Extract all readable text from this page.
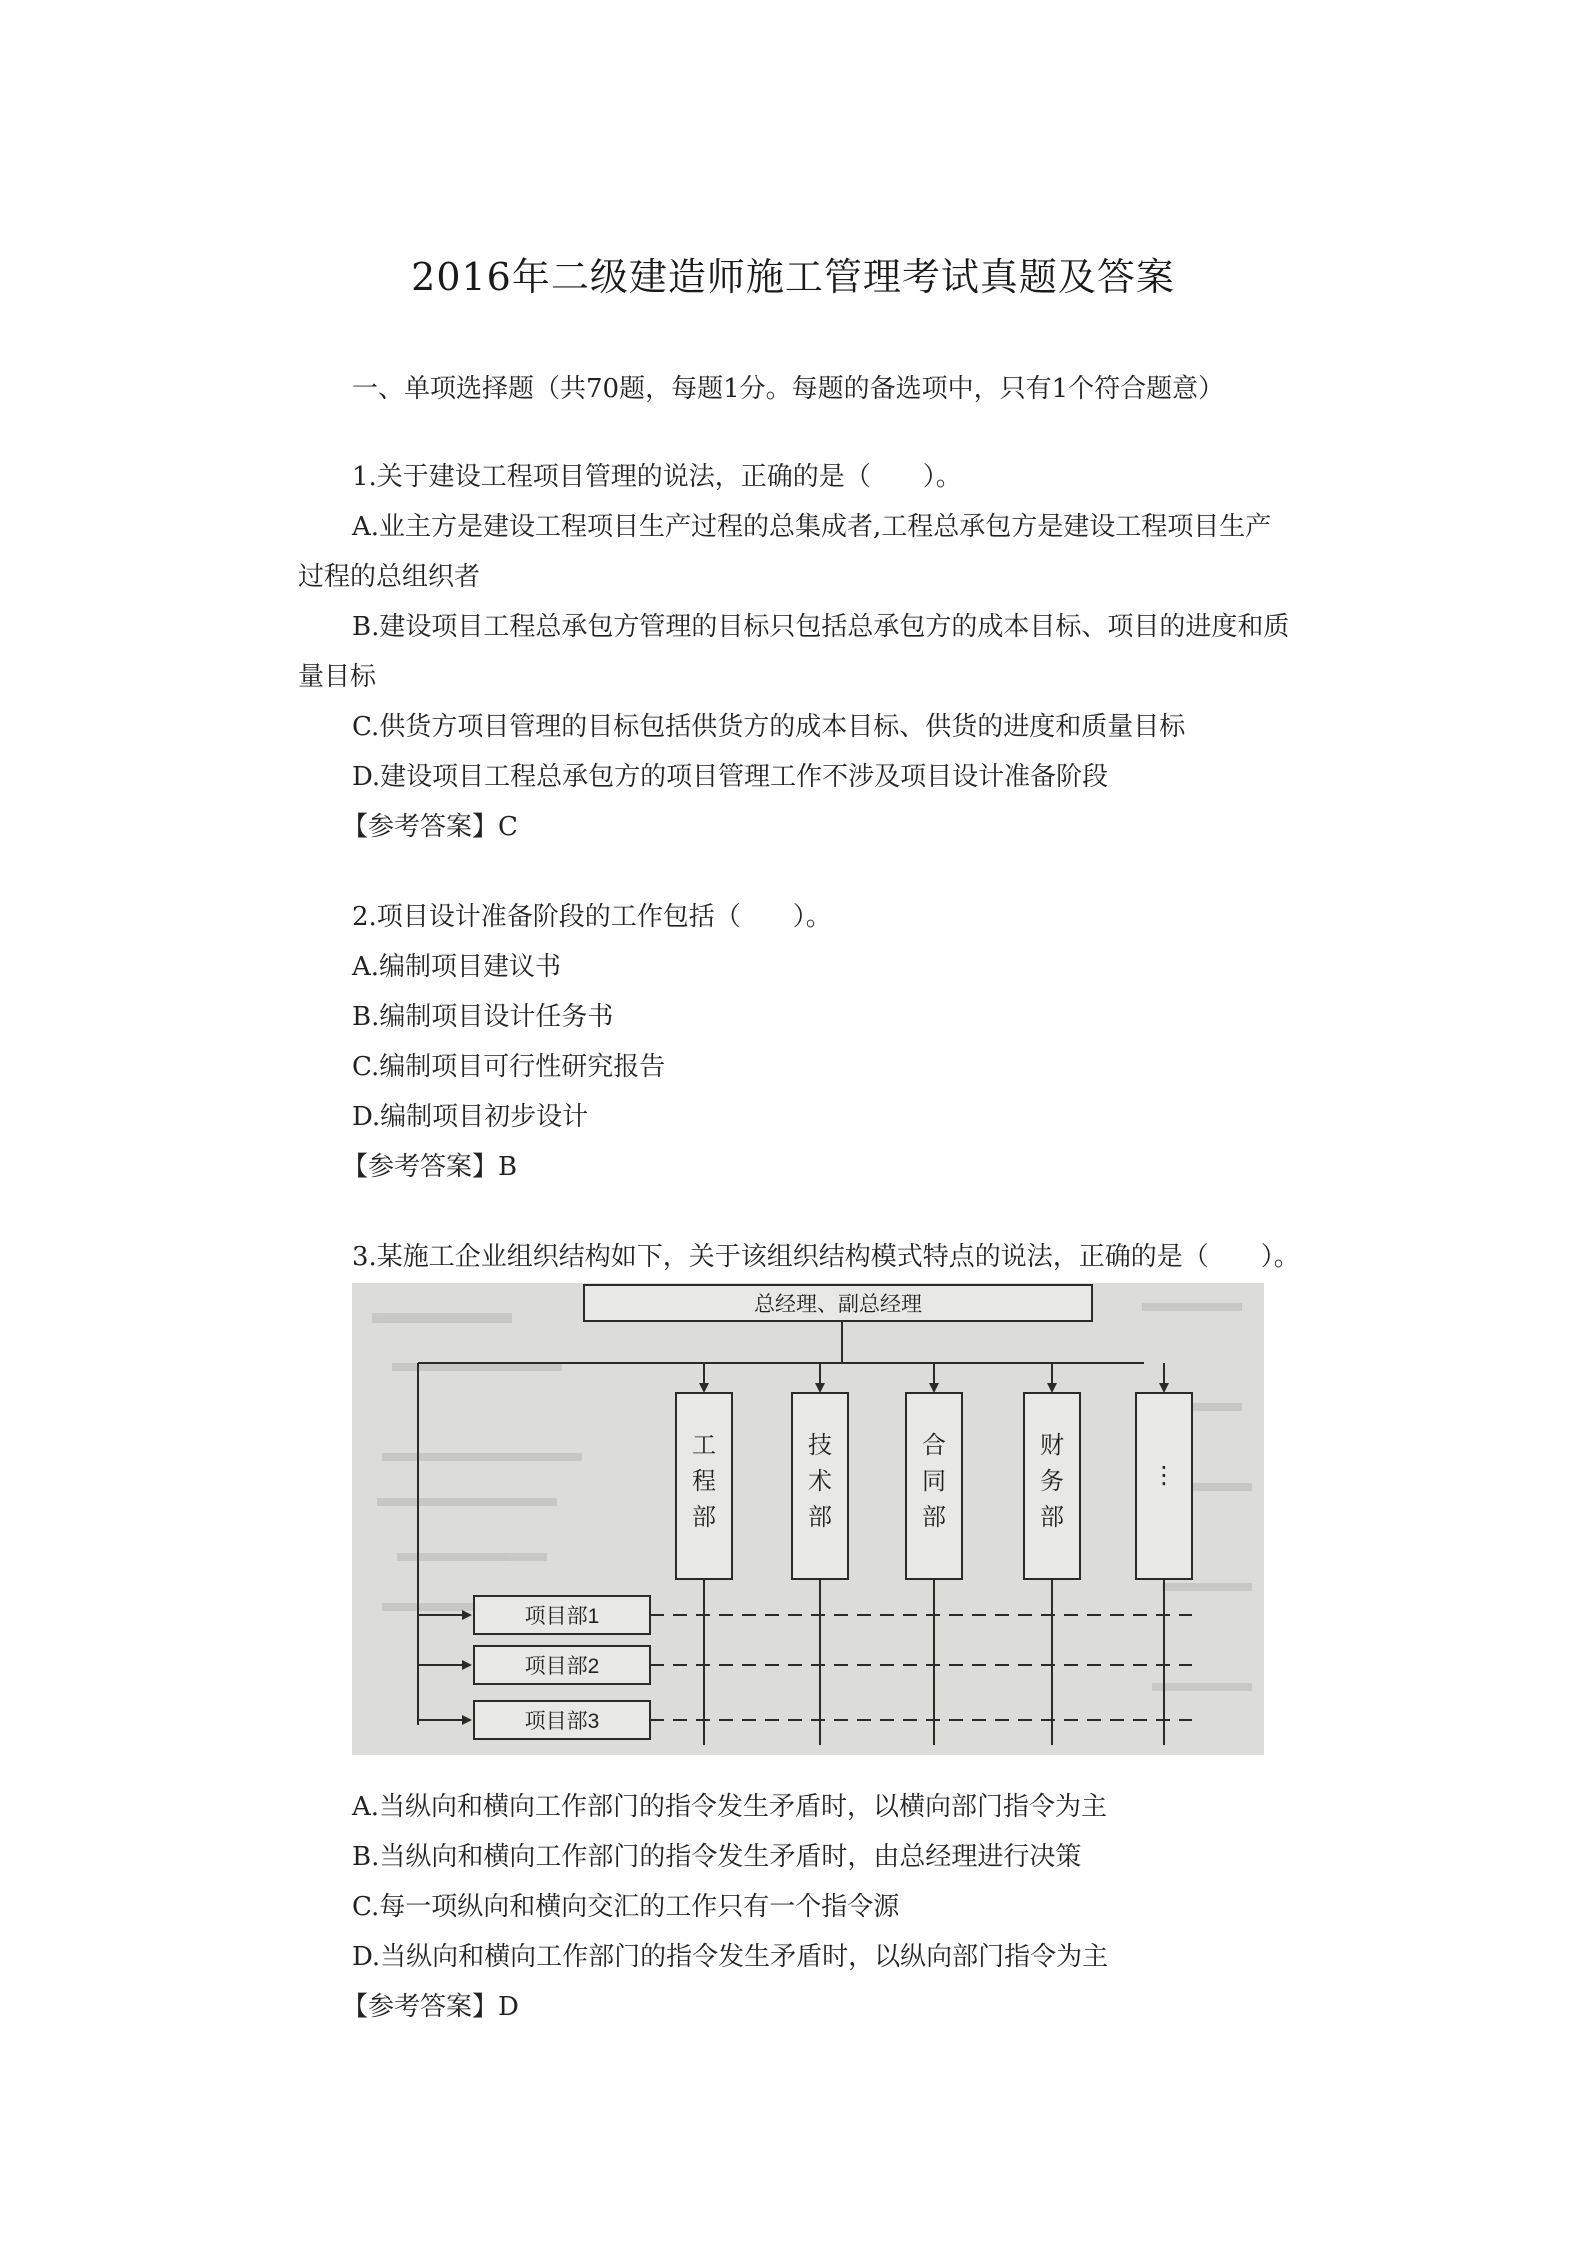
2016年二级建造师施工管理考试真题及答案
一、单项选择题（共70题，每题1分。每题的备选项中，只有1个符合题意）
1.关于建设工程项目管理的说法，正确的是（　　）。
A.业主方是建设工程项目生产过程的总集成者,工程总承包方是建设工程项目生产
过程的总组织者
B.建设项目工程总承包方管理的目标只包括总承包方的成本目标、项目的进度和质
量目标
C.供货方项目管理的目标包括供货方的成本目标、供货的进度和质量目标
D.建设项目工程总承包方的项目管理工作不涉及项目设计准备阶段
【参考答案】C
2.项目设计准备阶段的工作包括（　　）。
A.编制项目建议书
B.编制项目设计任务书
C.编制项目可行性研究报告
D.编制项目初步设计
【参考答案】B
3.某施工企业组织结构如下，关于该组织结构模式特点的说法，正确的是（　　）。
总经理、副总经理
工
程
部
技
术
部
合
同
部
财
务
部
⋮
项目部1
项目部2
项目部3
A.当纵向和横向工作部门的指令发生矛盾时，以横向部门指令为主
B.当纵向和横向工作部门的指令发生矛盾时，由总经理进行决策
C.每一项纵向和横向交汇的工作只有一个指令源
D.当纵向和横向工作部门的指令发生矛盾时，以纵向部门指令为主
【参考答案】D
